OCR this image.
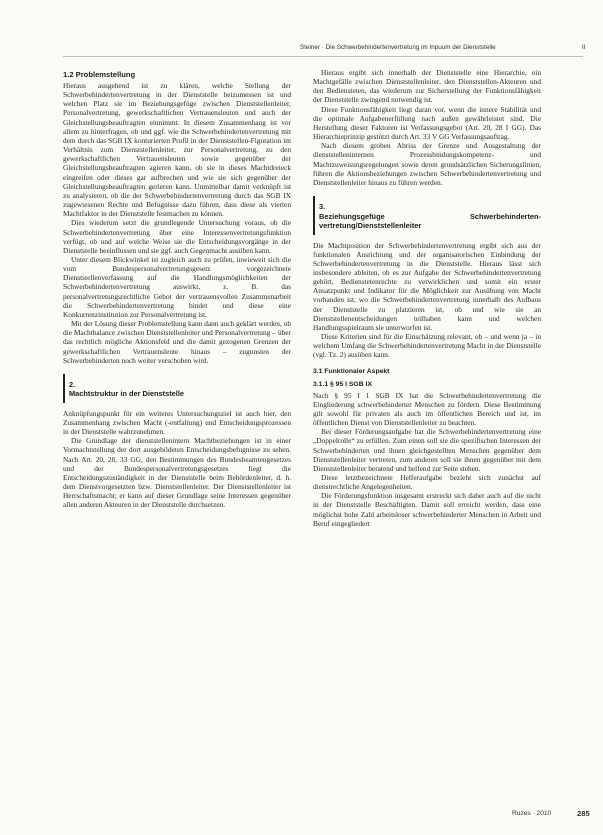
Steiner · Die Schwerbehindertenvertretung im Inpuum der Dienststelle	II
1.2 Problemstellung

Hieraus ausgehend ist zu klären, welche Stellung der Schwerbehindertenvertretung in der Dienststelle beizumessen ist und welchen Platz sie im Beziehungsgefüge zwischen Dienststellenleiter, Personalvertretung, gewerkschaftlichen Vertrauensleuten und auch der Gleichstellungsbeauftragten einnimmt. In diesem Zusammenhang ist vor allem zu hinterfragen, ob und ggf. wie die Schwerbehindertenvertretung mit dem durch das SGB IX konturierten Profil in der Dienststellen-Figuration im Verhältnis zum Dienststellenleiter, zur Personalvertretung, zu den gewerkschaftlichen Vertrauensleuten sowie gegenüber der Gleichstellungsbeauftragten agieren kann, ob sie in dieses Machtdreieck eingreifen oder dieses gar aufbrechen und wie sie sich gegenüber der Gleichstellungsbeauftragten gerieren kann. Unmittelbar damit verknüpft ist zu analysieren, ob die der Schwerbehindertenvertretung durch das SGB IX zugewiesenen Rechte und Befugnisse dazu führen, dass diese als vierten Machtfaktor in der Dienststelle festmachen zu können.

Dies wiederum setzt die grundlegende Untersuchung voraus, ob die Schwerbehindertenvertretung über eine Interessenvertretungsfunktion verfügt, ob und auf welche Weise sie die Entscheidungsvorgänge in der Dienststelle beeinflussen und sie ggf. auch Gegenmacht ausüben kann.

Unter diesem Blickwinkel ist zugleich auch zu prüfen, inwieweit sich die vom Bundespersonalvertretungsgesetz vorgezeichnete Dienststellenverfassung auf die Handlungsmöglichkeiten der Schwerbehindertenvertretung auswirkt, z. B. das personalvertretungsrechtliche Gebot der vertrauensvollen Zusammenarbeit die Schwerbehindertenvertretung bindet und diese eine Konkurrenzinstitution zur Personalvertretung ist.

Mit der Lösung dieser Problemstellung kann dann auch geklärt werden, ob die Machtbalance zwischen Dienststellenleiter und Personalvertretung – über das rechtlich mögliche Aktionsfeld und die damit gezogenen Grenzen der gewerkschaftlichen Vertrauensleute hinaus – zugunsten der Schwerbehinderten noch weiter verschoben wird.

2.
Machtstruktur in der Dienststelle

Anknüpfungspunkt für ein weiteres Untersuchungsziel ist auch hier, den Zusammenhang zwischen Macht (-entfaltung) und Entscheidungsprozessen in der Dienststelle wahrzunehmen.

Die Grundlage der dienststellenintern Machtbeziehungen ist in einer Vormachtstellung der dort ausgebildeten Entscheidungsbefugnisse zu sehen. Nach Art. 20, 28, 33 GG, den Bestimmungen des Bundesbeamtengesetzes und der Bundespersonalvertretungsgesetzes liegt die Entscheidungszuständigkeit in der Dienststelle beim Behördenleiter, d. h. dem Dienstvorgesetzten bzw. Dienststellenleiter. Der Dienststellenleiter ist Herrschaftsmacht; er kann auf dieser Grundlage seine Interessen gegenüber allen anderen Akteuren in der Dienststelle durchsetzen.

Hieraus ergibt sich innerhalb der Dienststelle eine Hierarchie, ein Machtgefälle zwischen Dienststellenleiter, den Dienststellen-Akteuren und den Bediensteten, das wiederum zur Sicherstellung der Funktionsfähigkeit der Dienststelle zwingend notwendig ist.

Diese Funktionsfähigkeit liegt daran vor, wenn die innere Stabilität und die optimale Aufgabenerfüllung nach außen gewährleistet sind. Die Herstellung dieser Faktoren ist Verfassungsgebot (Art. 20, 28 I GG). Das Hierarchieprinzip gestützt durch Art. 33 V GG Verfassungsauftrag.

Nach diesem groben Abriss der Grenze und Ausgestaltung der dienststelleninternen Prozessbindungskompetenz- und Machtzuweisungsregelungen sowie deren grundsätzlichen Sicherungslinien, führen die Aktionsbeziehungen zwischen Schwerbehindertenvertretung und Dienststellenleiter hinaus zu führen werden.

3.
Beziehungsgefüge Schwerbehinderten-vertretung/Dienststellenleiter

Die Machtposition der Schwerbehindertenvertretung ergibt sich aus der funktionalen Ausrichtung und der organisatorischen Einbindung der Schwerbehindertenvertretung in die Dienststelle. Hieraus lässt sich insbesondere ableiten, ob es zur Aufgabe der Schwerbehindertenvertretung gehört, Bedienstetenrechte zu verwirklichen und somit ein erster Ansatzpunkt und Indikator für die Möglichkeit zur Ausübung von Macht vorhanden ist, wo die Schwerbehindertenvertretung innerhalb des Aufbaus der Dienststelle zu platzieren ist, ob und wie sie an Dienststellenentscheidungen teilhaben kann und welchen Handlungsspielraum sie unterworfen ist.

Diese Kriterien sind für die Einschätzung relevant, ob – und wenn ja – in welchem Umfang die Schwerbehindertenvertretung Macht in der Dienststelle (vgl. Tz. 2) ausüben kann.

3.1 Funktionaler Aspekt
3.1.1 § 95 I SGB IX

Nach § 95 I 1 SGB IX hat die Schwerbehindertenvertretung die Eingliederung schwerbehinderter Menschen zu fördern. Diese Bestimmung gilt sowohl für privaten als auch im öffentlichen Bereich und ist, im öffentlichen Dienst von Dienststellenleiter zu beachten.

Bei dieser Förderungsaufgabe hat die Schwerbehindertenvertretung eine „Doppelrolle“ zu erfüllen. Zum einen soll sie die spezifischen Interessen der Schwerbehinderten und ihnen gleichgestellten Menschen gegenüber dem Dienststellenleiter vertreten, zum anderen soll sie ihnen gegenüber mit dem Dienststellenleiter beratend und helfend zur Seite stehen.

Diese letztbezeichnete Helferaufgabe bezieht sich zunächst auf dienstrechtliche Angelegenheiten.

Die Förderungsfunktion insgesamt erstreckt sich daher auch auf die nicht in der Dienststelle Beschäftigten. Damit soll erreicht werden, dass eine möglichst hohe Zahl arbeitsloser schwerbehinderter Menschen in Arbeit und Beruf eingegliedert

Ruzes · 2010	285
